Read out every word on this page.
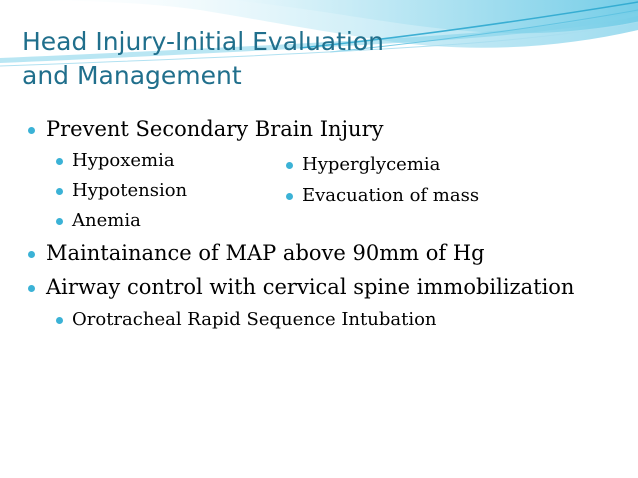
Head Injury-Initial Evaluation
and Management
Prevent Secondary Brain Injury
Hypoxemia
Hypotension
Anemia
Hyperglycemia
Evacuation of mass
Maintainance of MAP above 90mm of Hg
Airway control with cervical spine immobilization
Orotracheal Rapid Sequence Intubation
